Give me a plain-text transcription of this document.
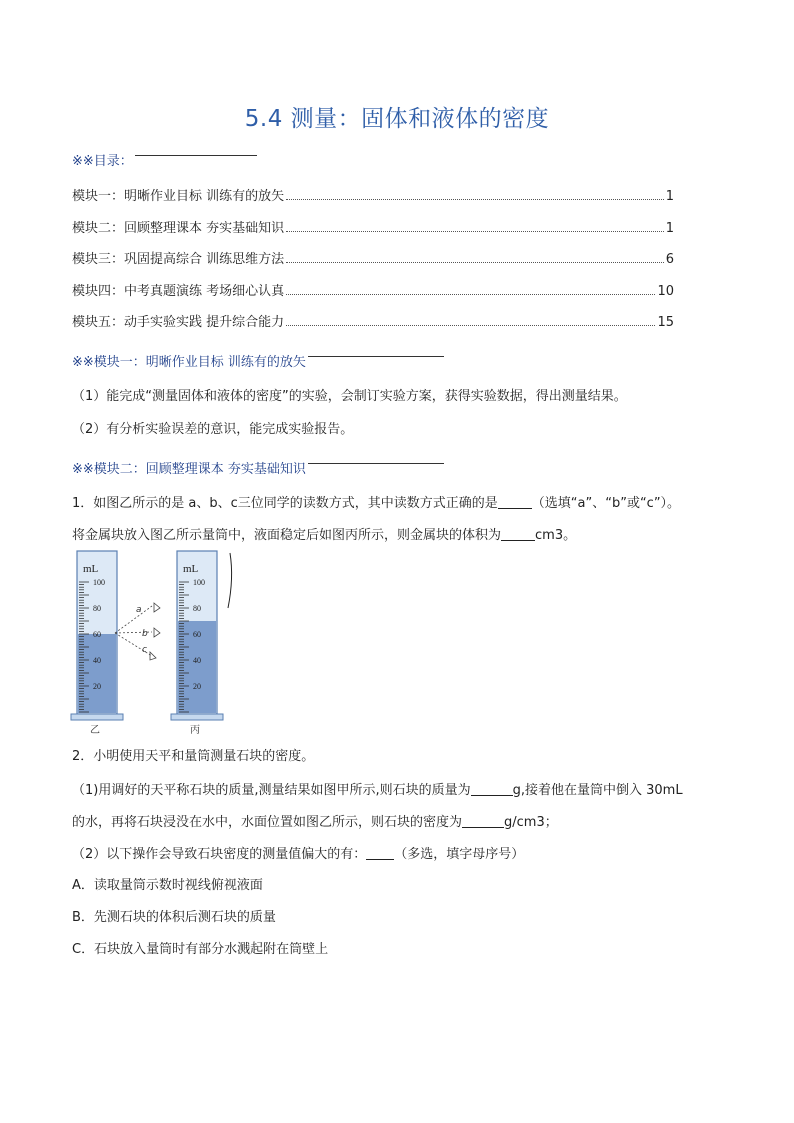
5.4 测量：固体和液体的密度
※※目录：
模块一：明晰作业目标 训练有的放矢	1
模块二：回顾整理课本 夯实基础知识	1
模块三：巩固提高综合 训练思维方法	6
模块四：中考真题演练 考场细心认真	10
模块五：动手实验实践 提升综合能力	15
※※模块一：明晰作业目标 训练有的放矢
（1）能完成“测量固体和液体的密度”的实验，会制订实验方案，获得实验数据，得出测量结果。
（2）有分析实验误差的意识，能完成实验报告。
※※模块二：回顾整理课本 夯实基础知识
1．如图乙所示的是 a、b、c三位同学的读数方式，其中读数方式正确的是	（选填“a”、“b”或“c”）。
将金属块放入图乙所示量筒中，液面稳定后如图丙所示，则金属块的体积为	cm3。
mL
100
80
60
40
20
乙
a
b
c
mL
100
80
60
40
20
丙
2．小明使用天平和量筒测量石块的密度。
（1)用调好的天平称石块的质量,测量结果如图甲所示,则石块的质量为	g,接着他在量筒中倒入 30mL
的水，再将石块浸没在水中，水面位置如图乙所示，则石块的密度为	g/cm3；
（2）以下操作会导致石块密度的测量值偏大的有： （多选，填字母序号）
A．读取量筒示数时视线俯视液面
B．先测石块的体积后测石块的质量
C．石块放入量筒时有部分水溅起附在筒壁上
